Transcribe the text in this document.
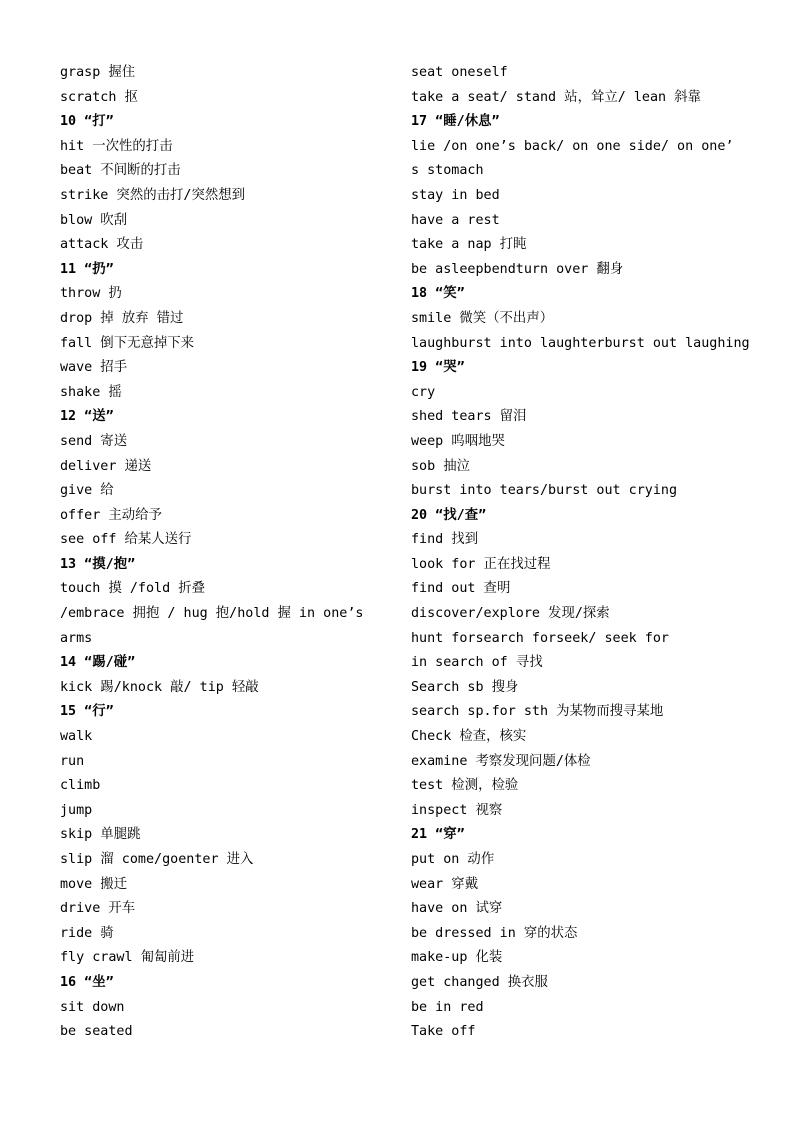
grasp 握住
scratch 抠
10 “打”
hit 一次性的打击
beat 不间断的打击
strike 突然的击打/突然想到
blow 吹刮
attack 攻击
11 “扔”
throw 扔
drop 掉 放弃 错过
fall 倒下无意掉下来
wave 招手
shake 摇
12 “送”
send 寄送
deliver 递送
give 给
offer 主动给予
see off 给某人送行
13 “摸/抱”
touch 摸 /fold 折叠
/embrace 拥抱 / hug 抱/hold 握 in one’s
arms
14 “踢/碰”
kick 踢/knock 敲/ tip 轻敲
15 “行”
walk
run
climb
jump
skip 单腿跳
slip 溜 come/goenter 进入
move 搬迁
drive 开车
ride 骑
fly crawl 匍匐前进
16 “坐”
sit down
be seated
seat oneself
take a seat/ stand 站，耸立/ lean 斜靠
17 “睡/休息”
lie /on one’s back/ on one side/ on one’
s stomach
stay in bed
have a rest
take a nap 打盹
be asleepbendturn over 翻身
18 “笑”
smile 微笑（不出声）
laughburst into laughterburst out laughing
19 “哭”
cry
shed tears 留泪
weep 呜咽地哭
sob 抽泣
burst into tears/burst out crying
20 “找/查”
find 找到
look for 正在找过程
find out 查明
discover/explore 发现/探索
hunt forsearch forseek/ seek for
in search of 寻找
Search sb 搜身
search sp.for sth 为某物而搜寻某地
Check 检查，核实
examine 考察发现问题/体检
test 检测，检验
inspect 视察
21 “穿”
put on 动作
wear 穿戴
have on 试穿
be dressed in 穿的状态
make-up 化装
get changed 换衣服
be in red
Take off
